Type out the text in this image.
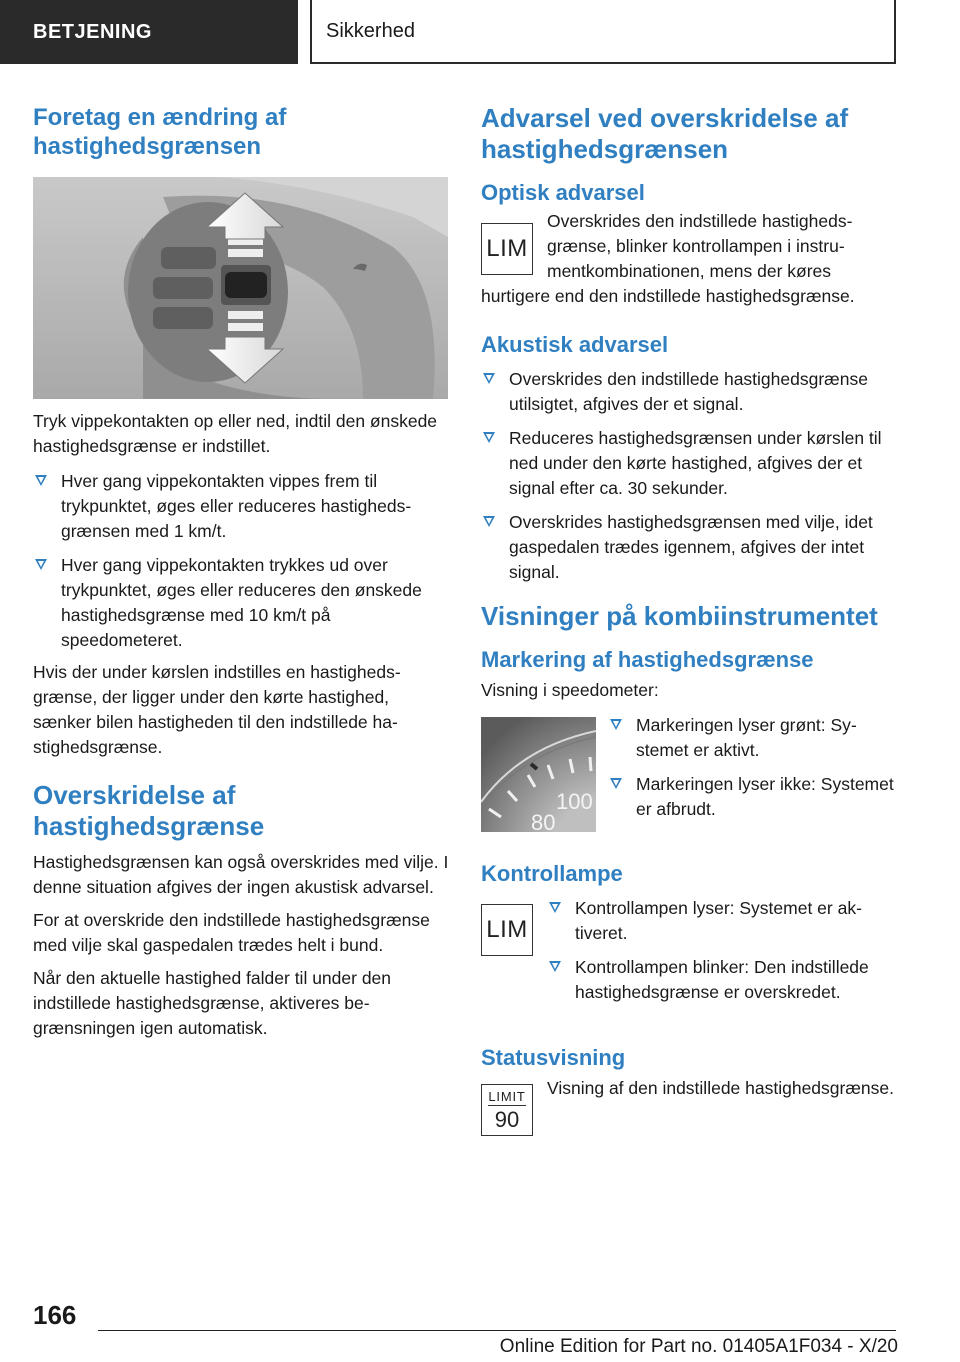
BETJENING	Sikkerhed
Foretag en ændring af hastighedsgrænsen

Tryk vippekontakten op eller ned, indtil den ønskede hastighedsgrænse er indstillet.

Hver gang vippekontakten vippes frem til trykpunktet, øges eller reduceres hastighedsgrænsen med 1 km/t.
Hver gang vippekontakten trykkes ud over trykpunktet, øges eller reduceres den ønskede hastighedsgrænse med 10 km/t på speedometeret.

Hvis der under kørslen indstilles en hastighedsgrænse, der ligger under den kørte hastighed, sænker bilen hastigheden til den indstillede hastighedsgrænse.

Overskridelse af hastighedsgrænse

Hastighedsgrænsen kan også overskrides med vilje. I denne situation afgives der ingen akustisk advarsel.

For at overskride den indstillede hastighedsgrænse med vilje skal gaspedalen trædes helt i bund.

Når den aktuelle hastighed falder til under den indstillede hastighedsgrænse, aktiveres begrænsningen igen automatisk.

Advarsel ved overskridelse af hastighedsgrænsen
Optisk advarsel
LIM

Overskrides den indstillede hastighedsgrænse, blinker kontrollampen i instrumentkombinationen, mens der køres

hurtigere end den indstillede hastighedsgrænse.

Akustisk advarsel
Overskrides den indstillede hastighedsgrænse utilsigtet, afgives der et signal.
Reduceres hastighedsgrænsen under kørslen til ned under den kørte hastighed, afgives der et signal efter ca. 30 sekunder.
Overskrides hastighedsgrænsen med vilje, idet gaspedalen trædes igennem, afgives der intet signal.
Visninger på kombiinstrumentet
Markering af hastighedsgrænse

Visning i speedometer:

100
80
Markeringen lyser grønt: Systemet er aktivt.
Markeringen lyser ikke: Systemet er afbrudt.
Kontrollampe
LIM
Kontrollampen lyser: Systemet er aktiveret.
Kontrollampen blinker: Den indstillede hastighedsgrænse er overskredet.
Statusvisning
LIMIT
90

Visning af den indstillede hastighedsgrænse.

166
Online Edition for Part no. 01405A1F034 - X/20
